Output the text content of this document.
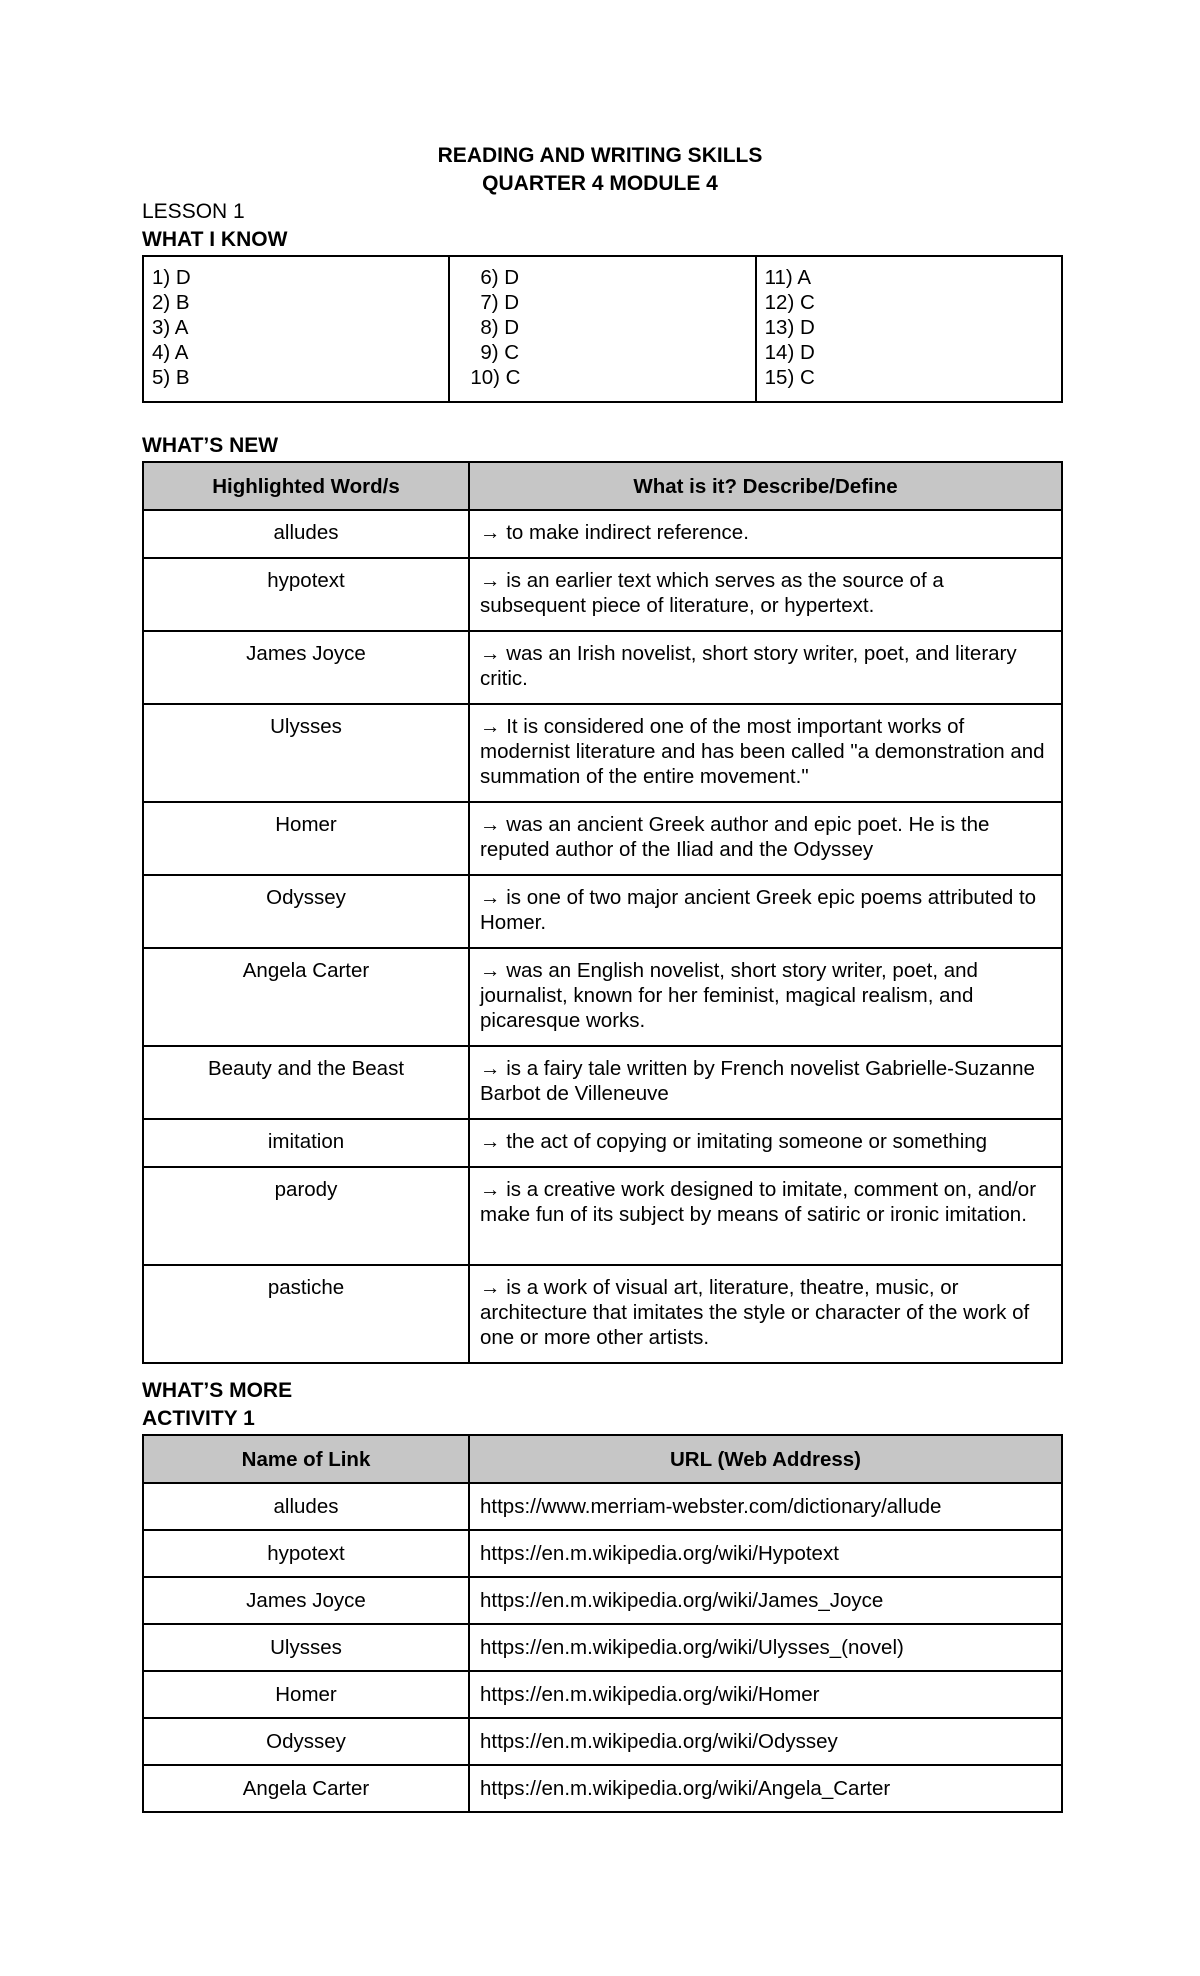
READING AND WRITING SKILLS
QUARTER 4 MODULE 4
LESSON 1
WHAT I KNOW
1) D
2) B
3) A
4) A
5) B

6) D
7) D
8) D
9) C
10) C

11) A
12) C
13) D
14) D
15) C
WHAT’S NEW
Highlighted Word/s	What is it? Describe/Define

alludes	→ to make indirect reference.

hypotext	→ is an earlier text which serves as the source of a subsequent piece of literature, or hypertext.

James Joyce	→ was an Irish novelist, short story writer, poet, and literary critic.

Ulysses	→ It is considered one of the most important works of modernist literature and has been called "a demonstration and summation of the entire movement."

Homer	→ was an ancient Greek author and epic poet. He is the reputed author of the Iliad and the Odyssey

Odyssey	→ is one of two major ancient Greek epic poems attributed to Homer.

Angela Carter	→ was an English novelist, short story writer, poet, and journalist, known for her feminist, magical realism, and picaresque works.

Beauty and the Beast	→ is a fairy tale written by French novelist Gabrielle-Suzanne Barbot de Villeneuve

imitation	→ the act of copying or imitating someone or something

parody	→ is a creative work designed to imitate, comment on, and/or make fun of its subject by means of satiric or ironic imitation.

pastiche	→ is a work of visual art, literature, theatre, music, or architecture that imitates the style or character of the work of one or more other artists.
WHAT’S MORE
ACTIVITY 1
Name of Link	URL (Web Address)

alludes	https://www.merriam-webster.com/dictionary/allude

hypotext	https://en.m.wikipedia.org/wiki/Hypotext

James Joyce	https://en.m.wikipedia.org/wiki/James_Joyce

Ulysses	https://en.m.wikipedia.org/wiki/Ulysses_(novel)

Homer	https://en.m.wikipedia.org/wiki/Homer

Odyssey	https://en.m.wikipedia.org/wiki/Odyssey

Angela Carter	https://en.m.wikipedia.org/wiki/Angela_Carter
